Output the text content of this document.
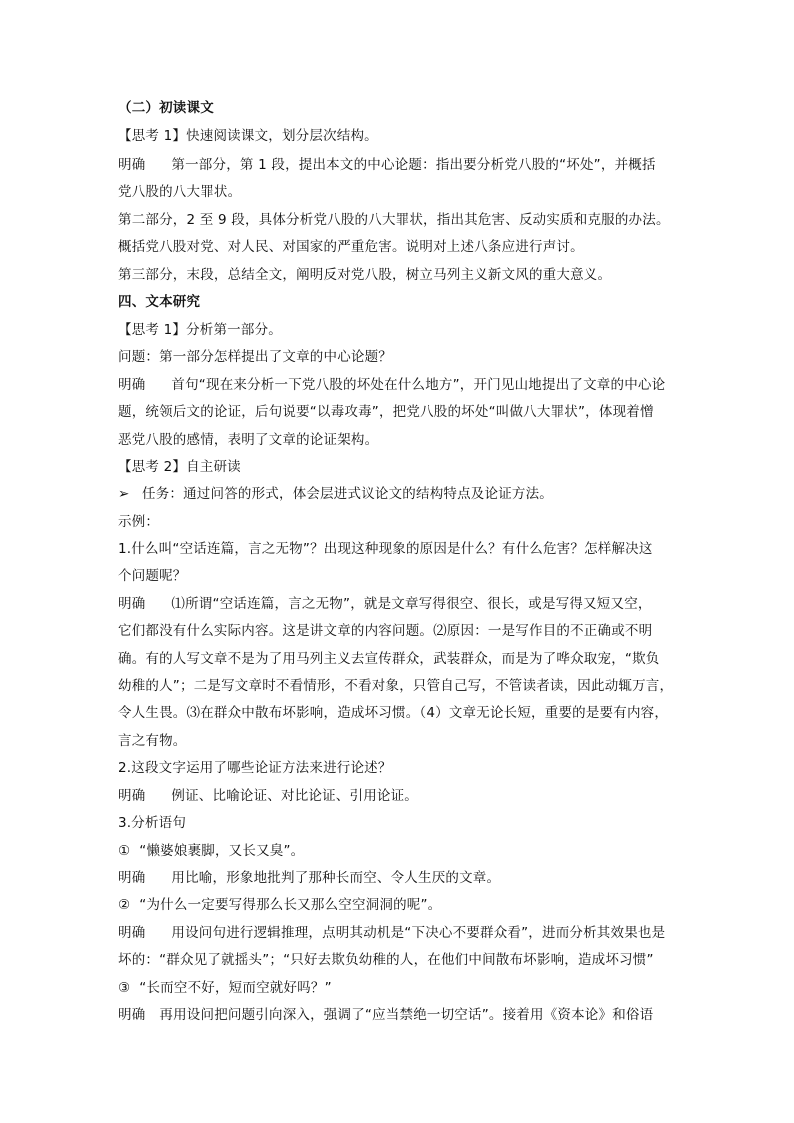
（二）初读课文
【思考 1】快速阅读课文，划分层次结构。
明确 第一部分，第 1 段，提出本文的中心论题：指出要分析党八股的“坏处”，并概括
党八股的八大罪状。
第二部分，2 至 9 段，具体分析党八股的八大罪状，指出其危害、反动实质和克服的办法。
概括党八股对党、对人民、对国家的严重危害。说明对上述八条应进行声讨。
第三部分，末段，总结全文，阐明反对党八股，树立马列主义新文风的重大意义。
四、文本研究
【思考 1】分析第一部分。
问题：第一部分怎样提出了文章的中心论题？
明确 首句“现在来分析一下党八股的坏处在什么地方”，开门见山地提出了文章的中心论
题，统领后文的论证，后句说要“以毒攻毒”，把党八股的坏处“叫做八大罪状”，体现着憎
恶党八股的感情，表明了文章的论证架构。
【思考 2】自主研读
➢ 任务：通过问答的形式，体会层进式议论文的结构特点及论证方法。
示例：
1.什么叫“空话连篇，言之无物”？出现这种现象的原因是什么？有什么危害？怎样解决这
个问题呢？
明确 ⑴所谓“空话连篇，言之无物”，就是文章写得很空、很长，或是写得又短又空，
它们都没有什么实际内容。这是讲文章的内容问题。⑵原因：一是写作目的不正确或不明
确。有的人写文章不是为了用马列主义去宣传群众，武装群众，而是为了哗众取宠，“欺负
幼稚的人”；二是写文章时不看情形，不看对象，只管自己写，不管读者读，因此动辄万言，
令人生畏。⑶在群众中散布坏影响，造成坏习惯。（4）文章无论长短，重要的是要有内容，
言之有物。
2.这段文字运用了哪些论证方法来进行论述？
明确 例证、比喻论证、对比论证、引用论证。
3.分析语句
①  “懒婆娘裹脚，又长又臭”。
明确 用比喻，形象地批判了那种长而空、令人生厌的文章。
②  “为什么一定要写得那么长又那么空空洞洞的呢”。
明确 用设问句进行逻辑推理，点明其动机是“下决心不要群众看”，进而分析其效果也是
坏的：“群众见了就摇头”；“只好去欺负幼稚的人，在他们中间散布坏影响，造成坏习惯”
③  “长而空不好，短而空就好吗？”
明确 再用设问把问题引向深入，强调了“应当禁绝一切空话”。接着用《资本论》和俗语
